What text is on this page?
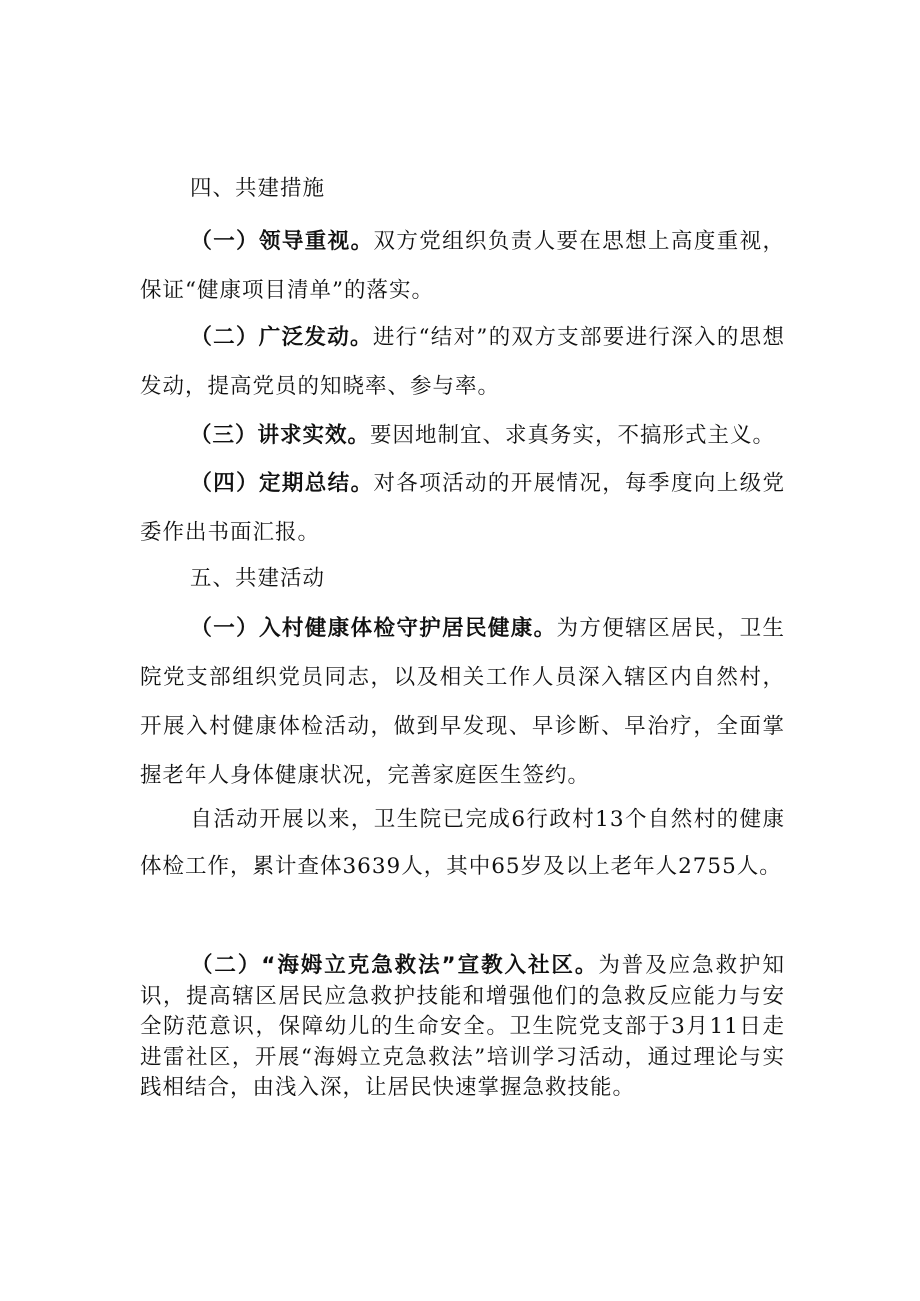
四、共建措施
（一）领导重视。双方党组织负责人要在思想上高度重视，保证“健康项目清单”的落实。
（二）广泛发动。进行“结对”的双方支部要进行深入的思想发动，提高党员的知晓率、参与率。
（三）讲求实效。要因地制宜、求真务实，不搞形式主义。
（四）定期总结。对各项活动的开展情况，每季度向上级党委作出书面汇报。
五、共建活动
（一）入村健康体检守护居民健康。为方便辖区居民，卫生院党支部组织党员同志，以及相关工作人员深入辖区内自然村，开展入村健康体检活动，做到早发现、早诊断、早治疗，全面掌握老年人身体健康状况，完善家庭医生签约。
自活动开展以来，卫生院已完成6行政村13个自然村的健康体检工作，累计查体3639人，其中65岁及以上老年人2755人。
（二）“海姆立克急救法”宣教入社区。为普及应急救护知识，提高辖区居民应急救护技能和增强他们的急救反应能力与安全防范意识，保障幼儿的生命安全。卫生院党支部于3月11日走进雷社区，开展“海姆立克急救法”培训学习活动，通过理论与实践相结合，由浅入深，让居民快速掌握急救技能。
